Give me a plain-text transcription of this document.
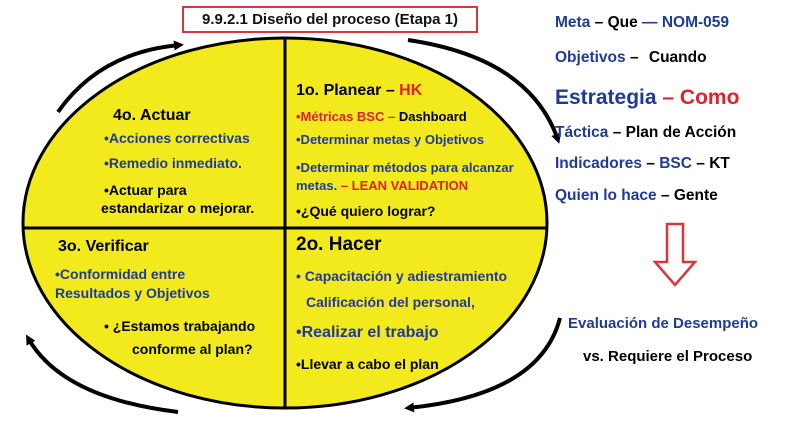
9.9.2.1 Diseño del proceso (Etapa 1)
4o. Actuar
•Acciones correctivas
•Remedio inmediato.
•Actuar para
estandarizar o mejorar.
1o. Planear – HK
•Métricas BSC – Dashboard
•Determinar metas y Objetivos
•Determinar métodos para alcanzar
metas. – LEAN VALIDATION
•¿Qué quiero lograr?
3o. Verificar
•Conformidad entre
Resultados y Objetivos
• ¿Estamos trabajando
conforme al plan?
2o. Hacer
• Capacitación y adiestramiento
Calificación del personal,
•Realizar el trabajo
•Llevar a cabo el plan
Meta – Que — NOM-059
Objetivos – Cuando
Estrategia – Como
Táctica – Plan de Acción
Indicadores – BSC – KT
Quien lo hace – Gente
Evaluación de Desempeño
vs. Requiere el Proceso
